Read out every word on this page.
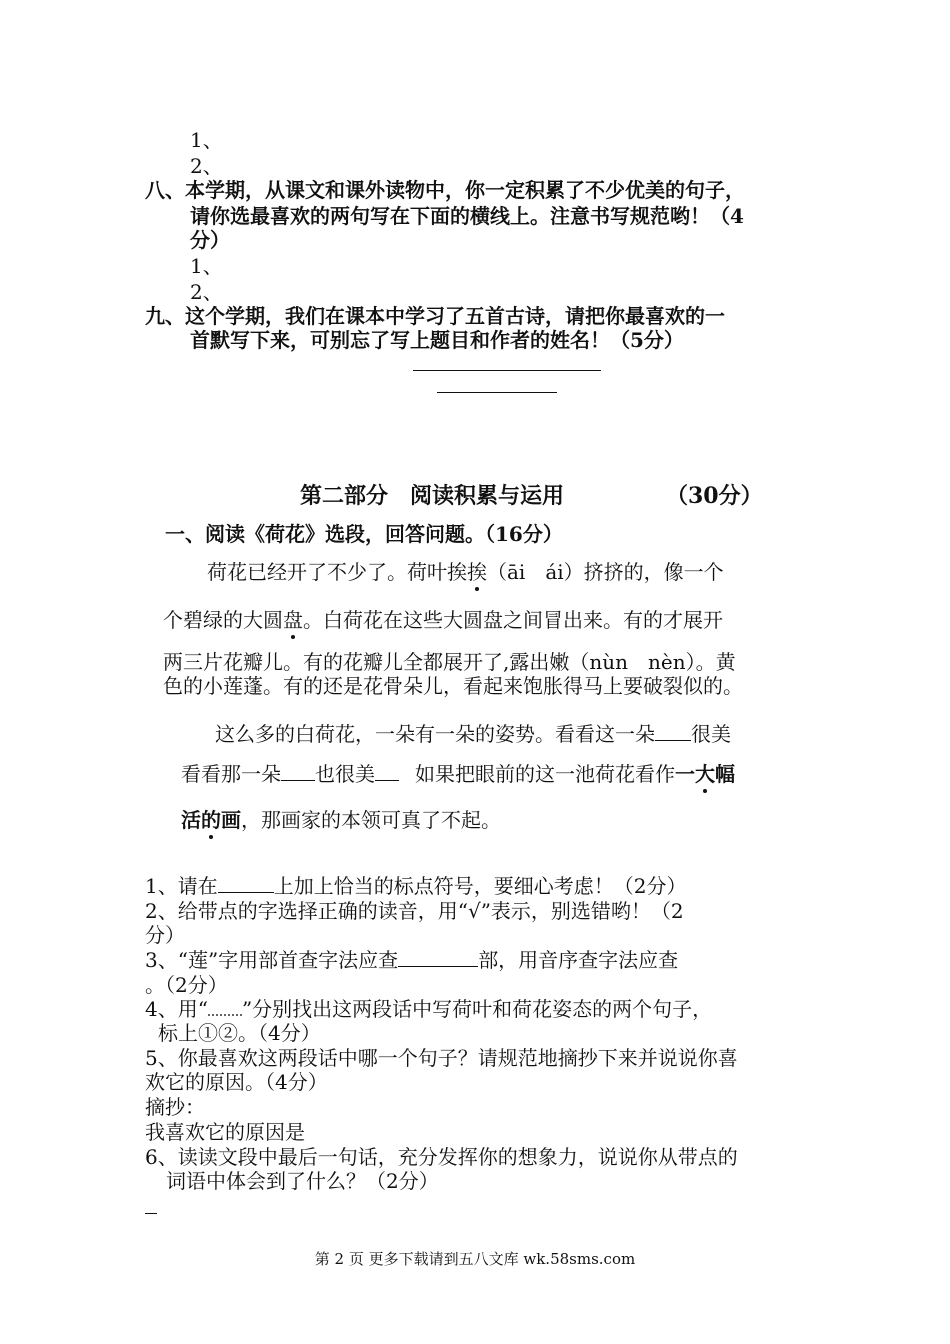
1、
2、
八、本学期，从课文和课外读物中，你一定积累了不少优美的句子，
请你选最喜欢的两句写在下面的横线上。注意书写规范哟！（4
分）
1、
2、
九、这个学期，我们在课本中学习了五首古诗，请把你最喜欢的一
首默写下来，可别忘了写上题目和作者的姓名！（5分）
第二部分　阅读积累与运用	（30分）
一、阅读《荷花》选段，回答问题。（16分）
荷花已经开了不少了。荷叶挨挨（āi　ái）挤挤的，像一个
个碧绿的大圆盘。白荷花在这些大圆盘之间冒出来。有的才展开
两三片花瓣儿。有的花瓣儿全都展开了,露出嫩（nùn　nèn）。黄
色的小莲蓬。有的还是花骨朵儿，看起来饱胀得马上要破裂似的。
这么多的白荷花，一朵有一朵的姿势。看看这一朵 很美
看看那一朵 也很美 如果把眼前的这一池荷花看作一大幅
活的画，那画家的本领可真了不起。
1、请在	上加上恰当的标点符号，要细心考虑！（2分）
2、给带点的字选择正确的读音，用“√”表示，别选错哟！（2
分）
3、“莲”字用部首查字法应查	部，用音序查字法应查
。（2分）
4、用“ ”分别找出这两段话中写荷叶和荷花姿态的两个句子，
标上①②。（4分）
5、你最喜欢这两段话中哪一个句子？请规范地摘抄下来并说说你喜
欢它的原因。（4分）
摘抄：
我喜欢它的原因是
6、读读文段中最后一句话，充分发挥你的想象力，说说你从带点的
词语中体会到了什么？（2分）
第 2 页 更多下载请到五八文库 wk.58sms.com
